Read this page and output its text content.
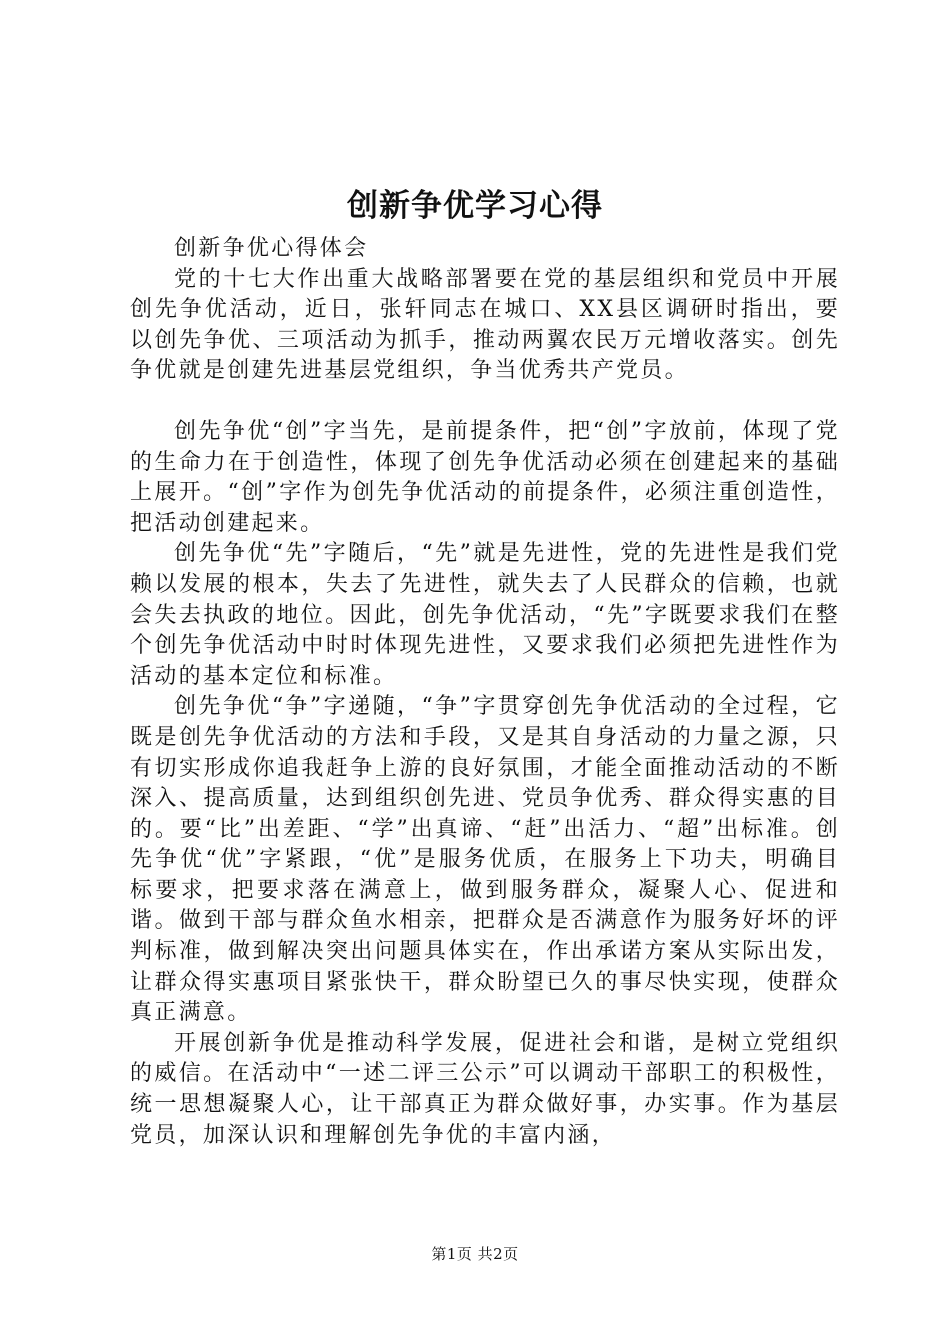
创新争优学习心得

创新争优心得体会

党的十七大作出重大战略部署要在党的基层组织和党员中开展创先争优活动，近日，张轩同志在城口、XX县区调研时指出，要以创先争优、三项活动为抓手，推动两翼农民万元增收落实。创先争优就是创建先进基层党组织，争当优秀共产党员。

创先争优“创”字当先，是前提条件，把“创”字放前，体现了党的生命力在于创造性，体现了创先争优活动必须在创建起来的基础上展开。“创”字作为创先争优活动的前提条件，必须注重创造性，把活动创建起来。

创先争优“先”字随后，“先”就是先进性，党的先进性是我们党赖以发展的根本，失去了先进性，就失去了人民群众的信赖，也就会失去执政的地位。因此，创先争优活动，“先”字既要求我们在整个创先争优活动中时时体现先进性，又要求我们必须把先进性作为活动的基本定位和标准。

创先争优“争”字递随，“争”字贯穿创先争优活动的全过程，它既是创先争优活动的方法和手段，又是其自身活动的力量之源，只有切实形成你追我赶争上游的良好氛围，才能全面推动活动的不断深入、提高质量，达到组织创先进、党员争优秀、群众得实惠的目的。要“比”出差距、“学”出真谛、“赶”出活力、“超”出标准。创先争优“优”字紧跟，“优”是服务优质，在服务上下功夫，明确目标要求，把要求落在满意上，做到服务群众，凝聚人心、促进和谐。做到干部与群众鱼水相亲，把群众是否满意作为服务好坏的评判标准，做到解决突出问题具体实在，作出承诺方案从实际出发，让群众得实惠项目紧张快干，群众盼望已久的事尽快实现，使群众真正满意。

开展创新争优是推动科学发展，促进社会和谐，是树立党组织的威信。在活动中“一述二评三公示”可以调动干部职工的积极性，统一思想凝聚人心，让干部真正为群众做好事，办实事。作为基层党员，加深认识和理解创先争优的丰富内涵，

第1页 共2页
